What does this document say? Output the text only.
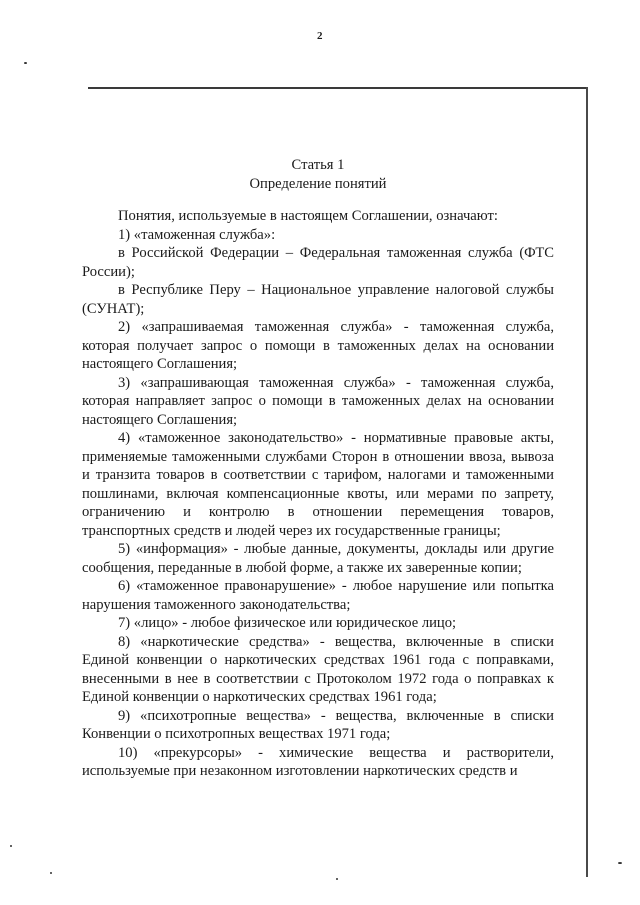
2

Статья 1

Определение понятий

Понятия, используемые в настоящем Соглашении, означают:

1) «таможенная служба»:

в Российской Федерации – Федеральная таможенная служба (ФТС России);

в Республике Перу – Национальное управление налоговой службы (СУНАТ);

2) «запрашиваемая таможенная служба» - таможенная служба, которая получает запрос о помощи в таможенных делах на основании настоящего Соглашения;

3) «запрашивающая таможенная служба» - таможенная служба, которая направляет запрос о помощи в таможенных делах на основании настоящего Соглашения;

4) «таможенное законодательство» - нормативные правовые акты, применяемые таможенными службами Сторон в отношении ввоза, вывоза и транзита товаров в соответствии с тарифом, налогами и таможенными пошлинами, включая компенсационные квоты, или мерами по запрету, ограничению и контролю в отношении перемещения товаров, транспортных средств и людей через их государственные границы;

5) «информация» - любые данные, документы, доклады или другие сообщения, переданные в любой форме, а также их заверенные копии;

6) «таможенное правонарушение» - любое нарушение или попытка нарушения таможенного законодательства;

7) «лицо» - любое физическое или юридическое лицо;

8) «наркотические средства» - вещества, включенные в списки Единой конвенции о наркотических средствах 1961 года с поправками, внесенными в нее в соответствии с Протоколом 1972 года о поправках к Единой конвенции о наркотических средствах 1961 года;

9) «психотропные вещества» - вещества, включенные в списки Конвенции о психотропных веществах 1971 года;

10) «прекурсоры» - химические вещества и растворители, используемые при незаконном изготовлении наркотических средств и
